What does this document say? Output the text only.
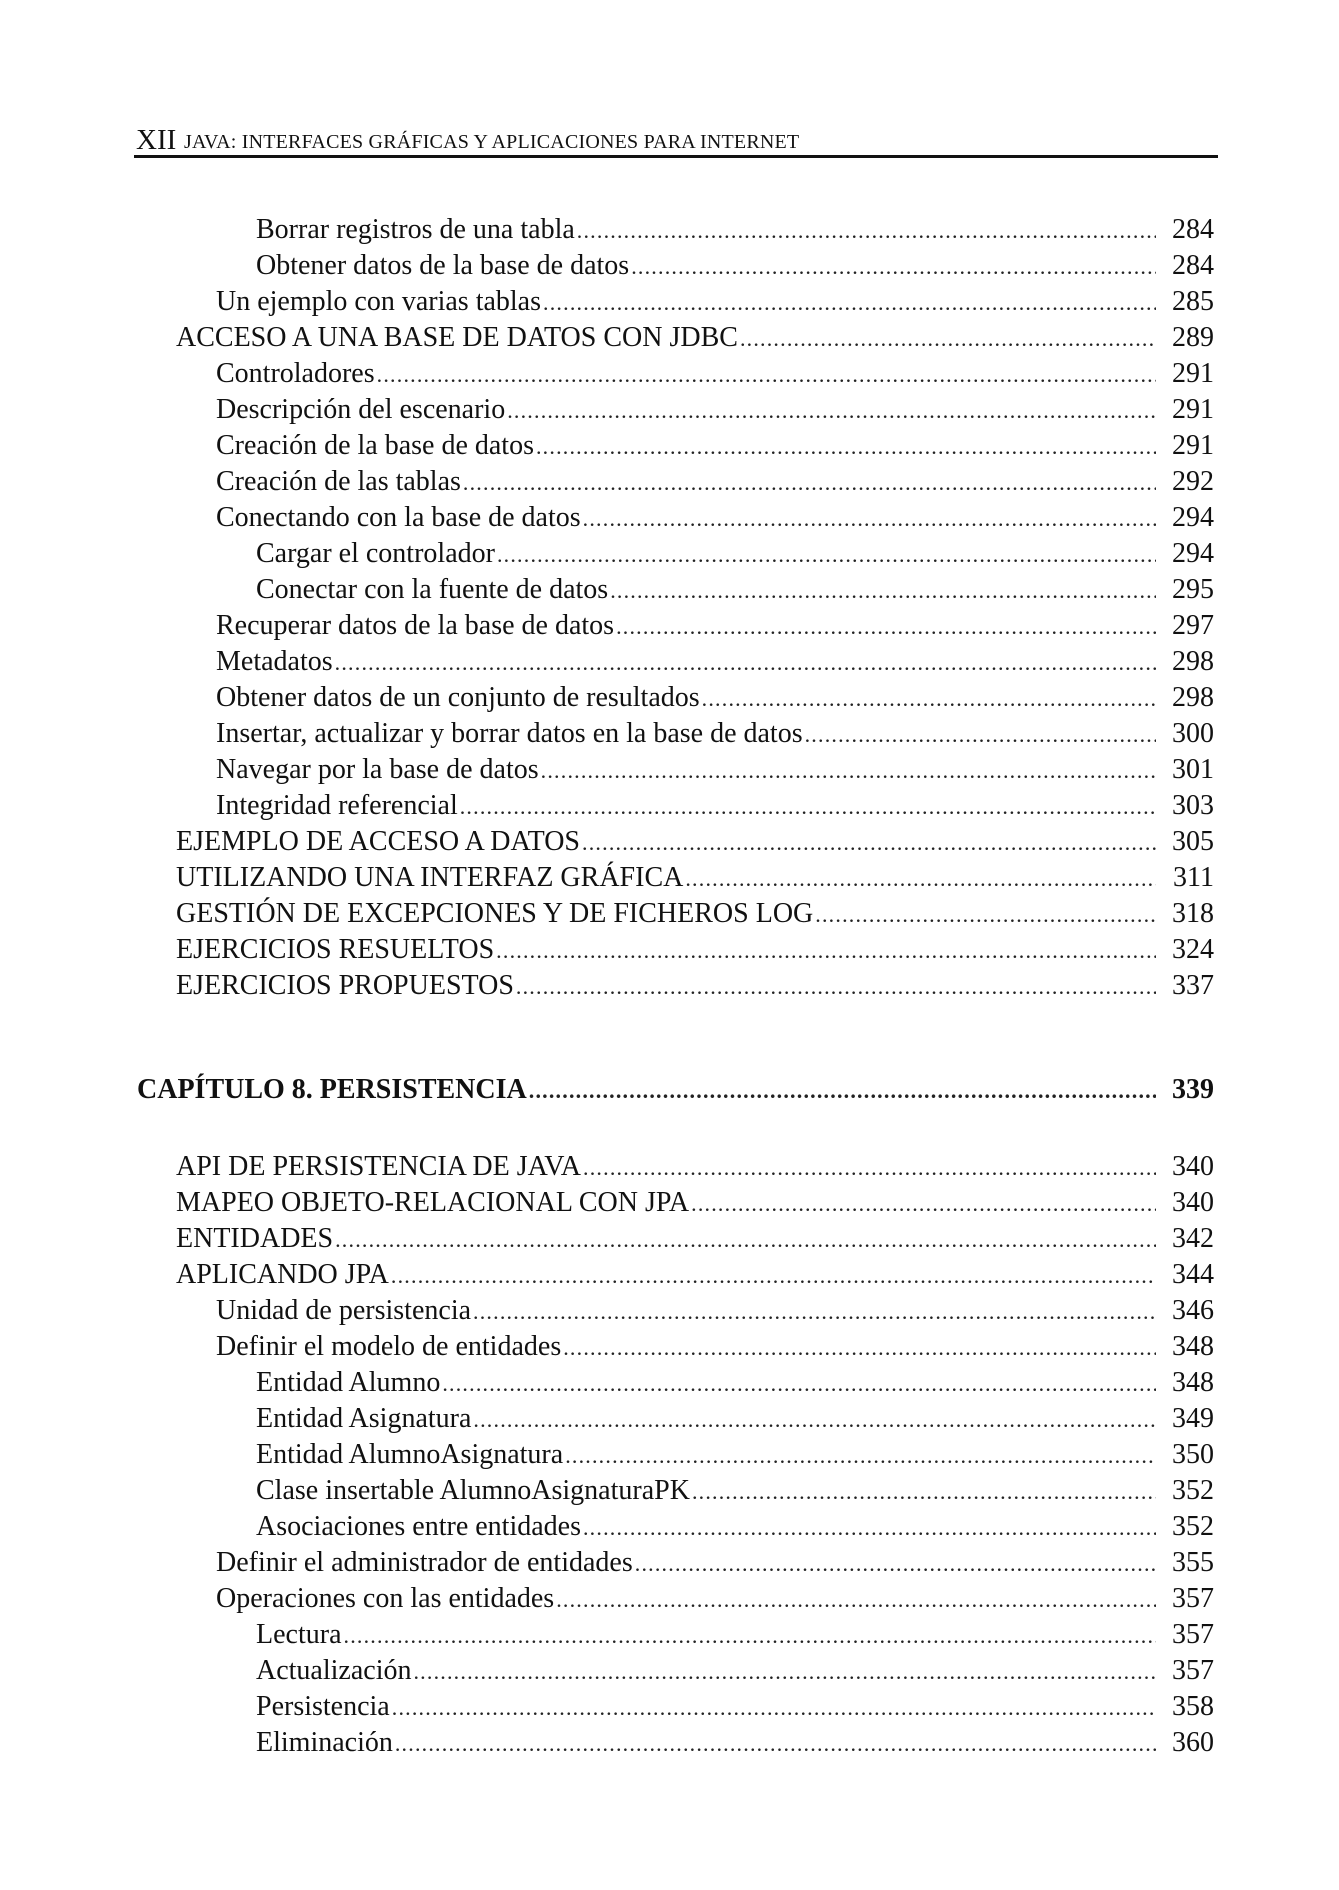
XII JAVA: INTERFACES GRÁFICAS Y APLICACIONES PARA INTERNET
Borrar registros de una tabla .....	284
Obtener datos de la base de datos .....	284
Un ejemplo con varias tablas .....	285
ACCESO A UNA BASE DE DATOS CON JDBC .....	289
Controladores .....	291
Descripción del escenario .....	291
Creación de la base de datos .....	291
Creación de las tablas .....	292
Conectando con la base de datos .....	294
Cargar el controlador .....	294
Conectar con la fuente de datos .....	295
Recuperar datos de la base de datos .....	297
Metadatos .....	298
Obtener datos de un conjunto de resultados .....	298
Insertar, actualizar y borrar datos en la base de datos .....	300
Navegar por la base de datos .....	301
Integridad referencial .....	303
EJEMPLO DE ACCESO A DATOS .....	305
UTILIZANDO UNA INTERFAZ GRÁFICA .....	311
GESTIÓN DE EXCEPCIONES Y DE FICHEROS LOG .....	318
EJERCICIOS RESUELTOS .....	324
EJERCICIOS PROPUESTOS .....	337
CAPÍTULO 8. PERSISTENCIA .....	339
API DE PERSISTENCIA DE JAVA .....	340
MAPEO OBJETO-RELACIONAL CON JPA .....	340
ENTIDADES .....	342
APLICANDO JPA .....	344
Unidad de persistencia .....	346
Definir el modelo de entidades .....	348
Entidad Alumno .....	348
Entidad Asignatura .....	349
Entidad AlumnoAsignatura .....	350
Clase insertable AlumnoAsignaturaPK .....	352
Asociaciones entre entidades .....	352
Definir el administrador de entidades .....	355
Operaciones con las entidades .....	357
Lectura .....	357
Actualización .....	357
Persistencia .....	358
Eliminación .....	360
